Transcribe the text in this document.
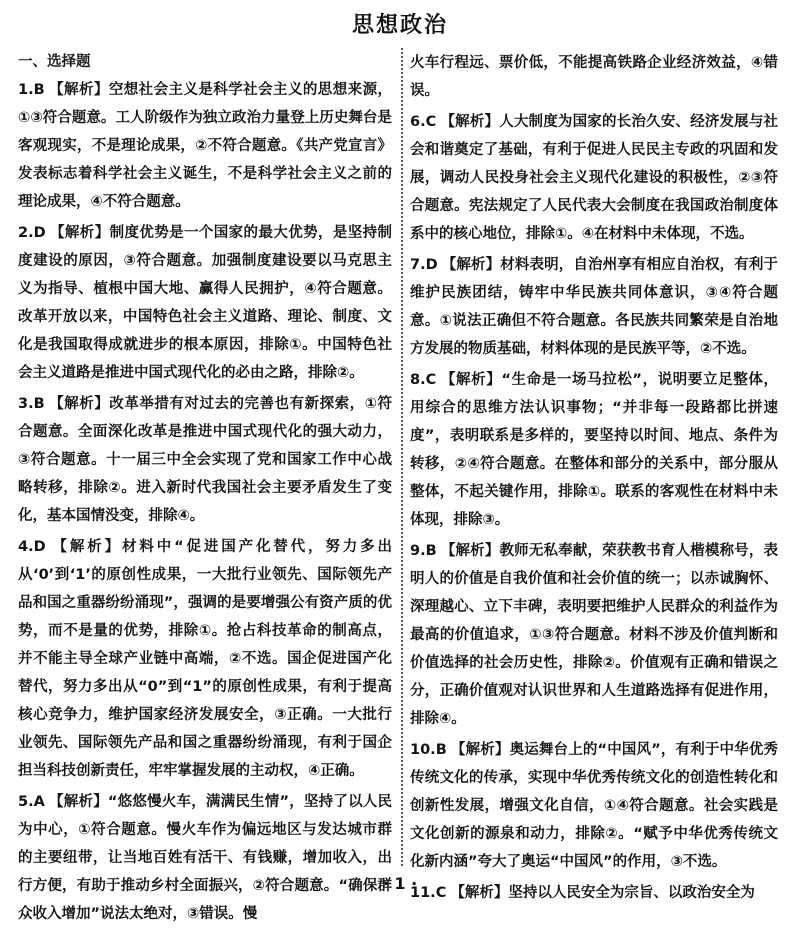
思想政治

一、选择题

1.B 【解析】空想社会主义是科学社会主义的思想来源，①③符合题意。工人阶级作为独立政治力量登上历史舞台是客观现实，不是理论成果，②不符合题意。《共产党宣言》发表标志着科学社会主义诞生，不是科学社会主义之前的理论成果，④不符合题意。

2.D 【解析】制度优势是一个国家的最大优势，是坚持制度建设的原因，③符合题意。加强制度建设要以马克思主义为指导、植根中国大地、赢得人民拥护，④符合题意。改革开放以来，中国特色社会主义道路、理论、制度、文化是我国取得成就进步的根本原因，排除①。中国特色社会主义道路是推进中国式现代化的必由之路，排除②。

3.B 【解析】改革举措有对过去的完善也有新探索，①符合题意。全面深化改革是推进中国式现代化的强大动力，③符合题意。十一届三中全会实现了党和国家工作中心战略转移，排除②。进入新时代我国社会主要矛盾发生了变化，基本国情没变，排除④。

4.D 【解析】材料中“促进国产化替代，努力多出从‘0’到‘1’的原创性成果，一大批行业领先、国际领先产品和国之重器纷纷涌现”，强调的是要增强公有资产质的优势，而不是量的优势，排除①。抢占科技革命的制高点，并不能主导全球产业链中高端，②不选。国企促进国产化替代，努力多出从“0”到“1”的原创性成果，有利于提高核心竞争力，维护国家经济发展安全，③正确。一大批行业领先、国际领先产品和国之重器纷纷涌现，有利于国企担当科技创新责任，牢牢掌握发展的主动权，④正确。

5.A 【解析】“悠悠慢火车，满满民生情”，坚持了以人民为中心，①符合题意。慢火车作为偏远地区与发达城市群的主要纽带，让当地百姓有活干、有钱赚，增加收入，出行方便，有助于推动乡村全面振兴，②符合题意。“确保群众收入增加”说法太绝对，③错误。慢

火车行程远、票价低，不能提高铁路企业经济效益，④错误。

6.C 【解析】人大制度为国家的长治久安、经济发展与社会和谐奠定了基础，有利于促进人民民主专政的巩固和发展，调动人民投身社会主义现代化建设的积极性，②③符合题意。宪法规定了人民代表大会制度在我国政治制度体系中的核心地位，排除①。④在材料中未体现，不选。

7.D 【解析】材料表明，自治州享有相应自治权，有利于维护民族团结，铸牢中华民族共同体意识，③④符合题意。①说法正确但不符合题意。各民族共同繁荣是自治地方发展的物质基础，材料体现的是民族平等，②不选。

8.C 【解析】“生命是一场马拉松”，说明要立足整体，用综合的思维方法认识事物；“并非每一段路都比拼速度”，表明联系是多样的，要坚持以时间、地点、条件为转移，②④符合题意。在整体和部分的关系中，部分服从整体，不起关键作用，排除①。联系的客观性在材料中未体现，排除③。

9.B 【解析】教师无私奉献，荣获教书育人楷模称号，表明人的价值是自我价值和社会价值的统一；以赤诚胸怀、深理越心、立下丰碑，表明要把维护人民群众的利益作为最高的价值追求，①③符合题意。材料不涉及价值判断和价值选择的社会历史性，排除②。价值观有正确和错误之分，正确价值观对认识世界和人生道路选择有促进作用，排除④。

10.B 【解析】奥运舞台上的“中国风”，有利于中华优秀传统文化的传承，实现中华优秀传统文化的创造性转化和创新性发展，增强文化自信，①④符合题意。社会实践是文化创新的源泉和动力，排除②。“赋予中华优秀传统文化新内涵”夸大了奥运“中国风”的作用，③不选。

11.C 【解析】坚持以人民安全为宗旨、以政治安全为

· 1 ·
